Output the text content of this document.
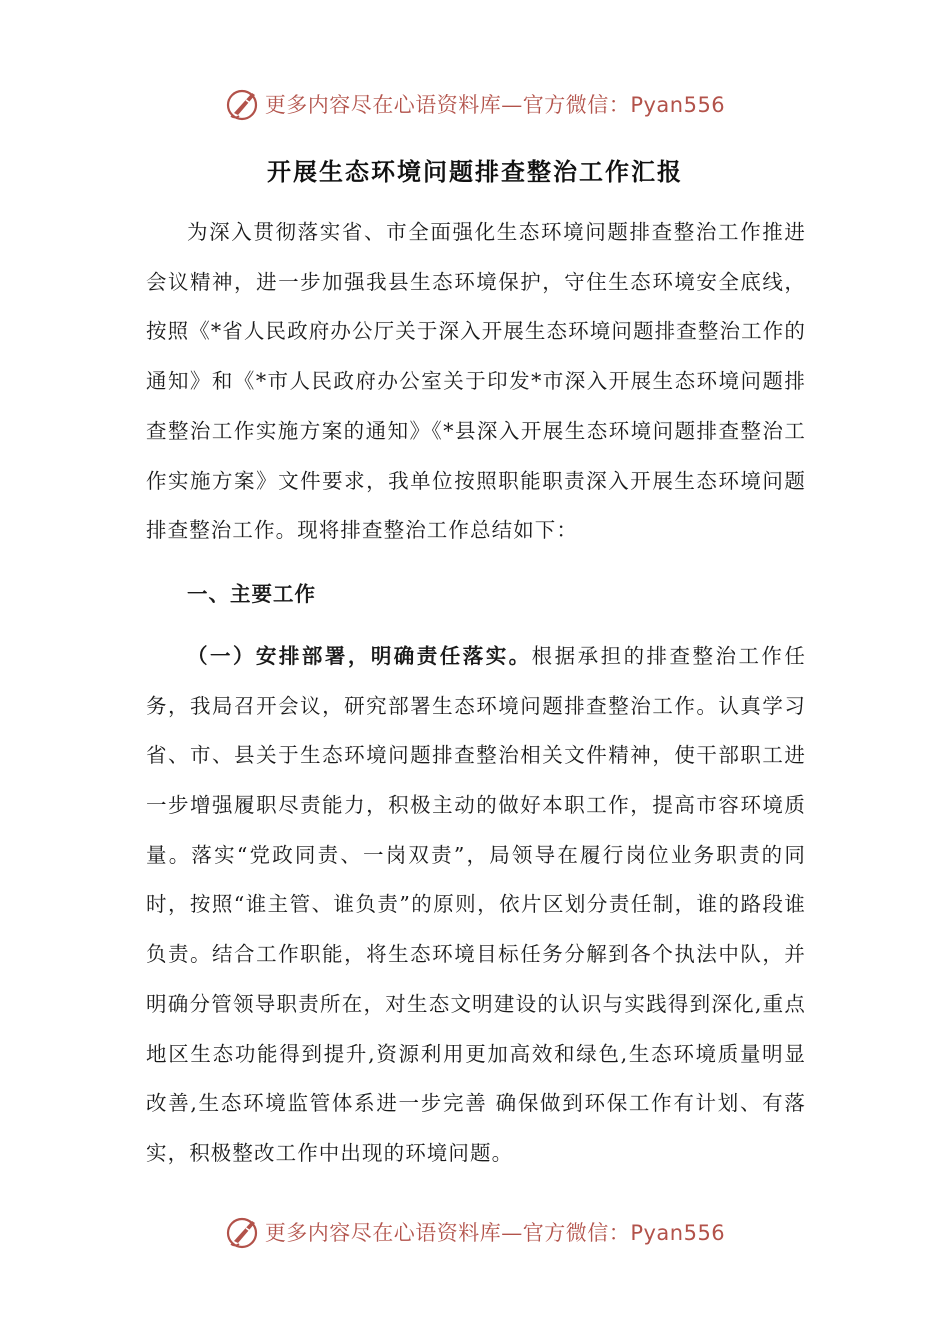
更多内容尽在心语资料库—官方微信：Pyan556
开展生态环境问题排查整治工作汇报

为深入贯彻落实省、市全面强化生态环境问题排查整治工作推进会议精神，进一步加强我县生态环境保护，守住生态环境安全底线，按照《*省人民政府办公厅关于深入开展生态环境问题排查整治工作的通知》和《*市人民政府办公室关于印发*市深入开展生态环境问题排查整治工作实施方案的通知》《*县深入开展生态环境问题排查整治工作实施方案》文件要求，我单位按照职能职责深入开展生态环境问题排查整治工作。现将排查整治工作总结如下：

一、主要工作

（一）安排部署，明确责任落实。根据承担的排查整治工作任务，我局召开会议，研究部署生态环境问题排查整治工作。认真学习省、市、县关于生态环境问题排查整治相关文件精神，使干部职工进一步增强履职尽责能力，积极主动的做好本职工作，提高市容环境质量。落实“党政同责、一岗双责”，局领导在履行岗位业务职责的同时，按照“谁主管、谁负责”的原则，依片区划分责任制，谁的路段谁负责。结合工作职能，将生态环境目标任务分解到各个执法中队，并明确分管领导职责所在，对生态文明建设的认识与实践得到深化,重点地区生态功能得到提升,资源利用更加高效和绿色,生态环境质量明显改善,生态环境监管体系进一步完善 确保做到环保工作有计划、有落实，积极整改工作中出现的环境问题。

更多内容尽在心语资料库—官方微信：Pyan556
